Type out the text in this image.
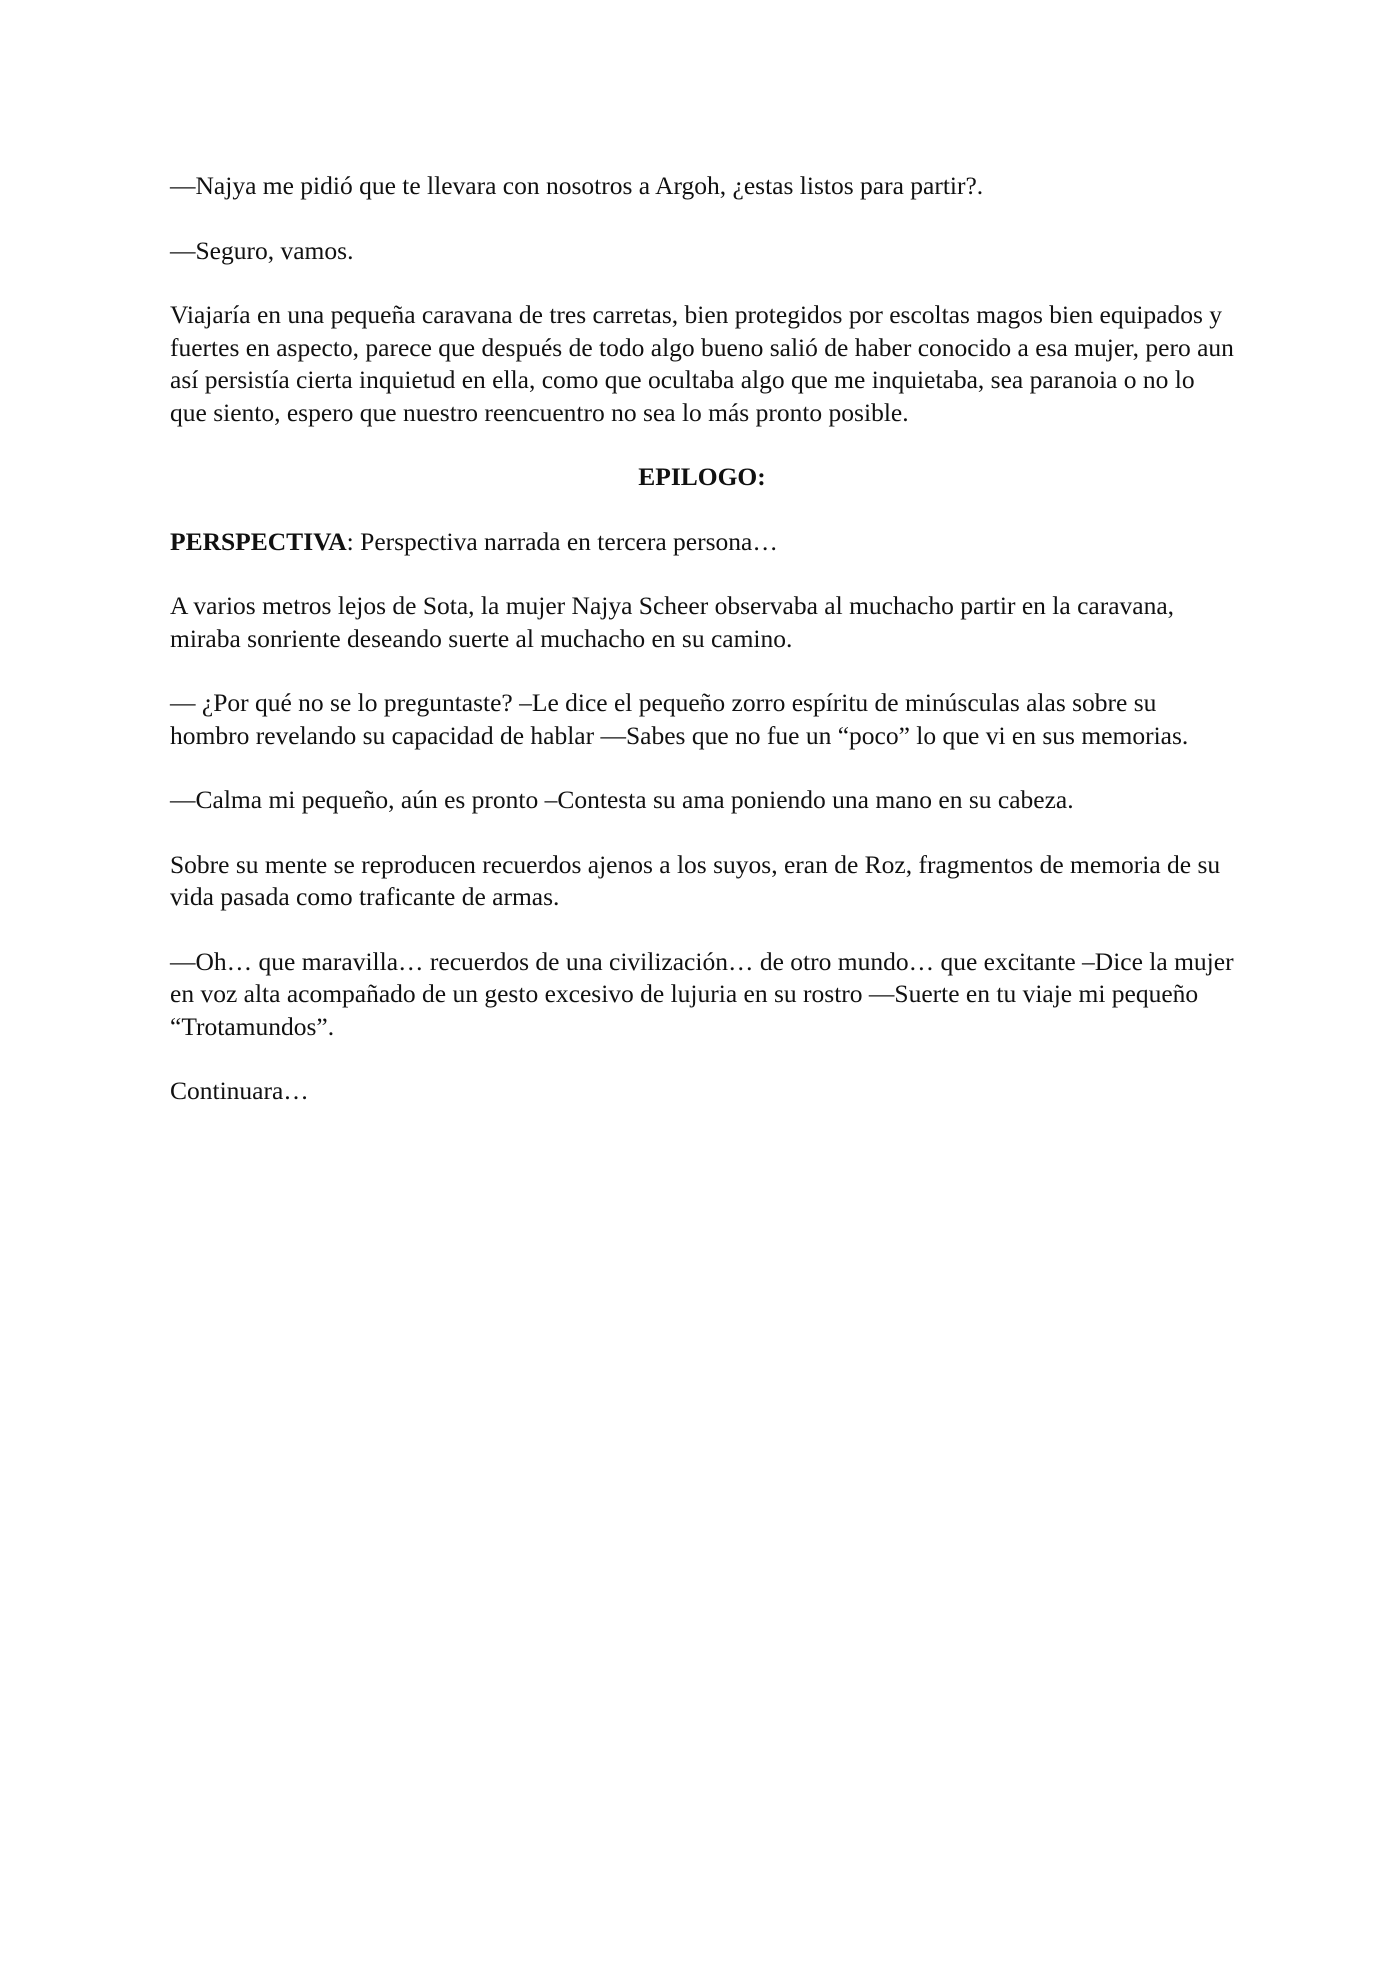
—Najya me pidió que te llevara con nosotros a Argoh, ¿estas listos para partir?.

—Seguro, vamos.

Viajaría en una pequeña caravana de tres carretas, bien protegidos por escoltas magos bien equipados y fuertes en aspecto, parece que después de todo algo bueno salió de haber conocido a esa mujer, pero aun así persistía cierta inquietud en ella, como que ocultaba algo que me inquietaba, sea paranoia o no lo que siento, espero que nuestro reencuentro no sea lo más pronto posible.

EPILOGO:

PERSPECTIVA: Perspectiva narrada en tercera persona…

A varios metros lejos de Sota, la mujer Najya Scheer observaba al muchacho partir en la caravana, miraba sonriente deseando suerte al muchacho en su camino.

— ¿Por qué no se lo preguntaste? –Le dice el pequeño zorro espíritu de minúsculas alas sobre su hombro revelando su capacidad de hablar —Sabes que no fue un “poco” lo que vi en sus memorias.

—Calma mi pequeño, aún es pronto –Contesta su ama poniendo una mano en su cabeza.

Sobre su mente se reproducen recuerdos ajenos a los suyos, eran de Roz, fragmentos de memoria de su vida pasada como traficante de armas.

—Oh… que maravilla… recuerdos de una civilización… de otro mundo… que excitante –Dice la mujer en voz alta acompañado de un gesto excesivo de lujuria en su rostro —Suerte en tu viaje mi pequeño “Trotamundos”.

Continuara…
